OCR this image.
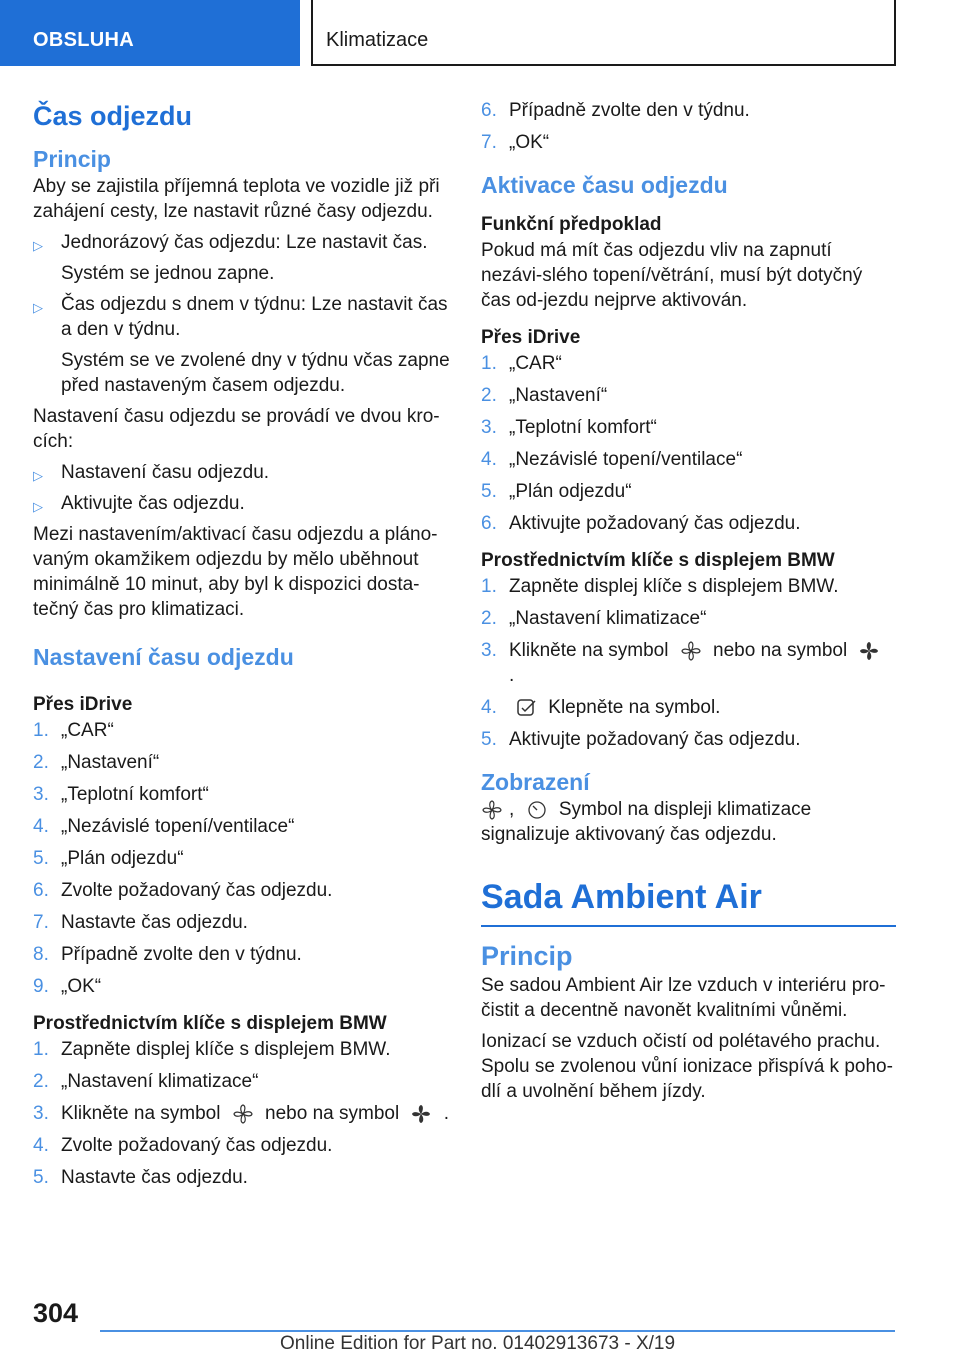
OBSLUHA	Klimatizace
Čas odjezdu
Princip

Aby se zajistila příjemná teplota ve vozidle již při zahájení cesty, lze nastavit různé časy odjezdu.

▷ Jednorázový čas odjezdu: Lze nastavit čas.
Systém se jednou zapne.
▷ Čas odjezdu s dnem v týdnu: Lze nastavit čas a den v týdnu.
Systém se ve zvolené dny v týdnu včas zapne před nastaveným časem odjezdu.

Nastavení času odjezdu se provádí ve dvou kro-cích:

▷ Nastavení času odjezdu.
▷ Aktivujte čas odjezdu.

Mezi nastavením/aktivací času odjezdu a pláno-vaným okamžikem odjezdu by mělo uběhnout minimálně 10 minut, aby byl k dispozici dosta-tečný čas pro klimatizaci.

Nastavení času odjezdu
Přes iDrive
1. „CAR“
2. „Nastavení“
3. „Teplotní komfort“
4. „Nezávislé topení/ventilace“
5. „Plán odjezdu“
6. Zvolte požadovaný čas odjezdu.
7. Nastavte čas odjezdu.
8. Případně zvolte den v týdnu.
9. „OK“
Prostřednictvím klíče s displejem BMW
1. Zapněte displej klíče s displejem BMW.
2. „Nastavení klimatizace“
3. Klikněte na symbol nebo na symbol .
4. Zvolte požadovaný čas odjezdu.
5. Nastavte čas odjezdu.
6. Případně zvolte den v týdnu.
7. „OK“
Aktivace času odjezdu
Funkční předpoklad

Pokud má mít čas odjezdu vliv na zapnutí nezávi-slého topení/větrání, musí být dotyčný čas od-jezdu nejprve aktivován.

Přes iDrive
1. „CAR“
2. „Nastavení“
3. „Teplotní komfort“
4. „Nezávislé topení/ventilace“
5. „Plán odjezdu“
6. Aktivujte požadovaný čas odjezdu.
Prostřednictvím klíče s displejem BMW
1. Zapněte displej klíče s displejem BMW.
2. „Nastavení klimatizace“
3. Klikněte na symbol nebo na symbol  .
4.	Klepněte na symbol.
5. Aktivujte požadovaný čas odjezdu.
Zobrazení

, Symbol na displeji klimatizace signalizuje aktivovaný čas odjezdu.

Sada Ambient Air
Princip

Se sadou Ambient Air lze vzduch v interiéru pro-čistit a decentně navonět kvalitními vůněmi.

Ionizací se vzduch očistí od polétavého prachu. Spolu se zvolenou vůní ionizace přispívá k poho-dlí a uvolnění během jízdy.

304
Online Edition for Part no. 01402913673 - X/19
